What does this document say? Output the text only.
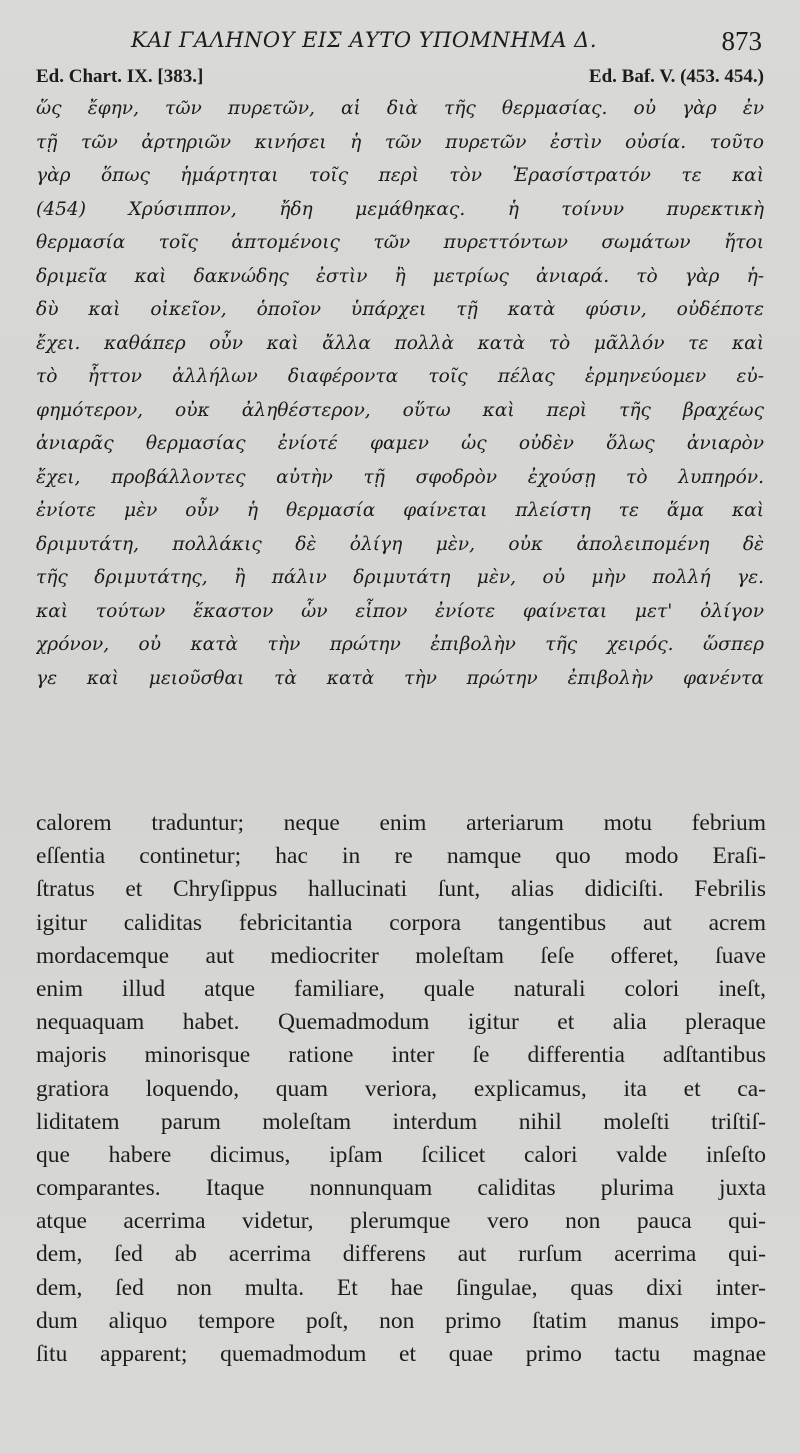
ΚΑΙ ΓΑΛΗΝΟΥ ΕΙΣ ΑΥΤΟ ΥΠΟΜΝΗΜΑ Δ.	873
Ed. Chart. IX. [383.]	Ed. Baf. V. (453. 454.)
ὥς ἔφην, τῶν πυρετῶν, αἱ διὰ τῆς θερμασίας. οὐ γὰρ ἐν
τῇ τῶν ἀρτηριῶν κινήσει ἡ τῶν πυρετῶν ἐστὶν οὐσία. τοῦτο
γὰρ ὅπως ἡμάρτηται τοῖς περὶ τὸν Ἐρασίστρατόν τε καὶ
(454) Χρύσιππον, ἤδη μεμάθηκας. ἡ τοίνυν πυρεκτικὴ
θερμασία τοῖς ἁπτομένοις τῶν πυρεττόντων σωμάτων ἤτοι
δριμεῖα καὶ δακνώδης ἐστὶν ἢ μετρίως ἀνιαρά. τὸ γὰρ ἡ-
δὺ καὶ οἰκεῖον, ὁποῖον ὑπάρχει τῇ κατὰ φύσιν, οὐδέποτε
ἔχει. καθάπερ οὖν καὶ ἄλλα πολλὰ κατὰ τὸ μᾶλλόν τε καὶ
τὸ ἧττον ἀλλήλων διαφέροντα τοῖς πέλας ἑρμηνεύομεν εὐ-
φημότερον, οὐκ ἀληθέστερον, οὕτω καὶ περὶ τῆς βραχέως
ἀνιαρᾶς θερμασίας ἐνίοτέ φαμεν ὡς οὐδὲν ὅλως ἀνιαρὸν
ἔχει, προβάλλοντες αὐτὴν τῇ σφοδρὸν ἐχούσῃ τὸ λυπηρόν.
ἐνίοτε μὲν οὖν ἡ θερμασία φαίνεται πλείστη τε ἅμα καὶ
δριμυτάτη, πολλάκις δὲ ὀλίγη μὲν, οὐκ ἀπολειπομένη δὲ
τῆς δριμυτάτης, ἢ πάλιν δριμυτάτη μὲν, οὐ μὴν πολλή γε.
καὶ τούτων ἕκαστον ὧν εἶπον ἐνίοτε φαίνεται μετ' ὀλίγον
χρόνον, οὐ κατὰ τὴν πρώτην ἐπιβολὴν τῆς χειρός. ὥσπερ
γε καὶ μειοῦσθαι τὰ κατὰ τὴν πρώτην ἐπιβολὴν φανέντα
calorem traduntur; neque enim arteriarum motu febrium
eſſentia continetur; hac in re namque quo modo Eraſi-
ſtratus et Chryſippus hallucinati ſunt, alias didiciſti. Febrilis
igitur caliditas febricitantia corpora tangentibus aut acrem
mordacemque aut mediocriter moleſtam ſeſe offeret, ſuave
enim illud atque familiare, quale naturali colori ineſt,
nequaquam habet. Quemadmodum igitur et alia pleraque
majoris minorisque ratione inter ſe differentia adſtantibus
gratiora loquendo, quam veriora, explicamus, ita et ca-
liditatem parum moleſtam interdum nihil moleſti triſtiſ-
que habere dicimus, ipſam ſcilicet calori valde inſeſto
comparantes. Itaque nonnunquam caliditas plurima juxta
atque acerrima videtur, plerumque vero non pauca qui-
dem, ſed ab acerrima differens aut rurſum acerrima qui-
dem, ſed non multa. Et hae ſingulae, quas dixi inter-
dum aliquo tempore poſt, non primo ſtatim manus impo-
ſitu apparent; quemadmodum et quae primo tactu magnae
